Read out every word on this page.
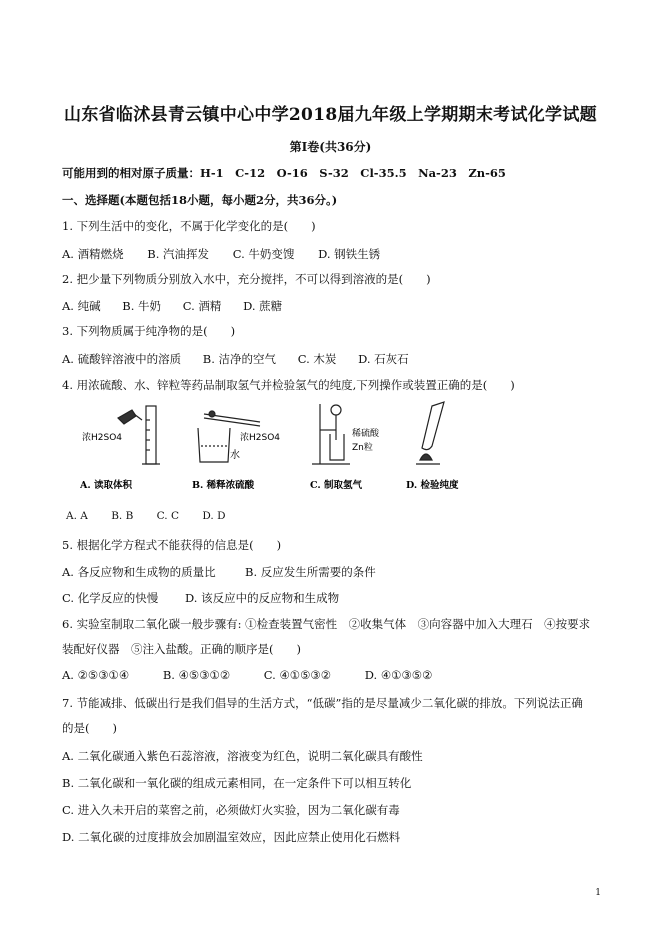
山东省临沭县青云镇中心中学2018届九年级上学期期末考试化学试题
第Ⅰ卷(共36分)
可能用到的相对原子质量：H-1　C-12　O-16　S-32　Cl-35.5　Na-23　Zn-65
一、选择题(本题包括18小题，每小题2分，共36分。)
1. 下列生活中的变化，不属于化学变化的是(　　)
A. 酒精燃烧 B. 汽油挥发 C. 牛奶变馊 D. 钢铁生锈
2. 把少量下列物质分别放入水中，充分搅拌，不可以得到溶液的是(　　)
A. 纯碱 B. 牛奶 C. 酒精 D. 蔗糖
3. 下列物质属于纯净物的是(　　)
A. 硫酸锌溶液中的溶质 B. 洁净的空气 C. 木炭 D. 石灰石
4. 用浓硫酸、水、锌粒等药品制取氢气并检验氢气的纯度,下列操作或装置正确的是(　　)
浓H2SO4	浓H2SO4
水
稀硫酸
Zn粒
A. 读取体积	B. 稀释浓硫酸	C. 制取氢气	D. 检验纯度
A. A B. B C. C D. D
5. 根据化学方程式不能获得的信息是(　　)
A. 各反应物和生成物的质量比	B. 反应发生所需要的条件
C. 化学反应的快慢 D. 该反应中的反应物和生成物
6. 实验室制取二氧化碳一般步骤有: ①检查装置气密性　②收集气体　③向容器中加入大理石　④按要求
装配好仪器　⑤注入盐酸。正确的顺序是(　　)
A. ②⑤③①④	B. ④⑤③①②	C. ④①⑤③②	D. ④①③⑤②
7. 节能减排、低碳出行是我们倡导的生活方式，“低碳”指的是尽量减少二氧化碳的排放。下列说法正确
的是(　　)
A. 二氧化碳通入紫色石蕊溶液，溶液变为红色，说明二氧化碳具有酸性
B. 二氧化碳和一氧化碳的组成元素相同，在一定条件下可以相互转化
C. 进入久未开启的菜窖之前，必须做灯火实验，因为二氧化碳有毒
D. 二氧化碳的过度排放会加剧温室效应，因此应禁止使用化石燃料
1
